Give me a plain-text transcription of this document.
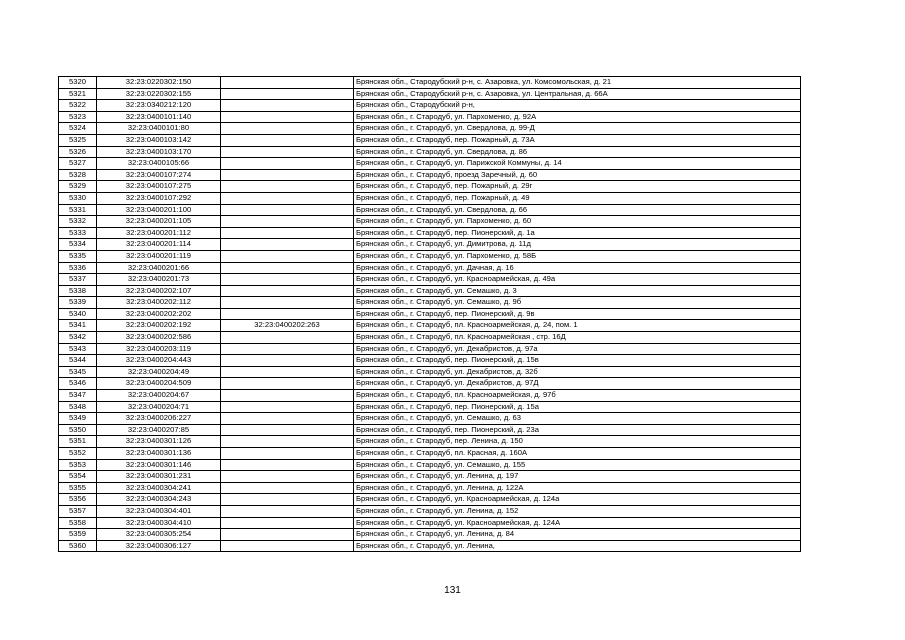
5320	32:23:0220302:150		Брянская обл., Стародубский р-н, с. Азаровка, ул. Комсомольская, д. 21
5321	32:23:0220302:155		Брянская обл., Стародубский р-н, с. Азаровка, ул. Центральная, д. 66А
5322	32:23:0340212:120		Брянская обл., Стародубский р-н,
5323	32:23:0400101:140		Брянская обл., г. Стародуб, ул. Пархоменко, д. 92А
5324	32:23:0400101:80		Брянская обл., г. Стародуб, ул. Свердлова, д. 99-Д
5325	32:23:0400103:142		Брянская обл., г. Стародуб, пер. Пожарный, д. 73А
5326	32:23:0400103:170		Брянская обл., г. Стародуб, ул. Свердлова, д. 86
5327	32:23:0400105:66		Брянская обл., г. Стародуб, ул. Парижской Коммуны, д. 14
5328	32:23:0400107:274		Брянская обл., г. Стародуб, проезд Заречный, д. 60
5329	32:23:0400107:275		Брянская обл., г. Стародуб, пер. Пожарный, д. 29г
5330	32:23:0400107:292		Брянская обл., г. Стародуб, пер. Пожарный, д. 49
5331	32:23:0400201:100		Брянская обл., г. Стародуб, ул. Свердлова, д. 66
5332	32:23:0400201:105		Брянская обл., г. Стародуб, ул. Пархоменко, д. 60
5333	32:23:0400201:112		Брянская обл., г. Стародуб, пер. Пионерский, д. 1а
5334	32:23:0400201:114		Брянская обл., г. Стародуб, ул. Димитрова, д. 11д
5335	32:23:0400201:119		Брянская обл., г. Стародуб, ул. Пархоменко, д. 58Б
5336	32:23:0400201:66		Брянская обл., г. Стародуб, ул. Дачная, д. 16
5337	32:23:0400201:73		Брянская обл., г. Стародуб, ул. Красноармейская, д. 49а
5338	32:23:0400202:107		Брянская обл., г. Стародуб, ул. Семашко, д. 3
5339	32:23:0400202:112		Брянская обл., г. Стародуб, ул. Семашко, д. 9б
5340	32:23:0400202:202		Брянская обл., г. Стародуб, пер. Пионерский, д. 9в
5341	32:23:0400202:192	32:23:0400202:263	Брянская обл., г. Стародуб, пл. Красноармейская, д. 24, пом. 1
5342	32:23:0400202:586		Брянская обл., г. Стародуб, пл. Красноармейская , стр. 16Д
5343	32:23:0400203:119		Брянская обл., г. Стародуб, ул. Декабристов, д. 97а
5344	32:23:0400204:443		Брянская обл., г. Стародуб, пер. Пионерский, д. 15в
5345	32:23:0400204:49		Брянская обл., г. Стародуб, ул. Декабристов, д. 32б
5346	32:23:0400204:509		Брянская обл., г. Стародуб, ул. Декабристов, д. 97Д
5347	32:23:0400204:67		Брянская обл., г. Стародуб, пл. Красноармейская, д. 97б
5348	32:23:0400204:71		Брянская обл., г. Стародуб, пер. Пионерский, д. 15а
5349	32:23:0400206:227		Брянская обл., г. Стародуб, ул. Семашко, д. 63
5350	32:23:0400207:85		Брянская обл., г. Стародуб, пер. Пионерский, д. 23а
5351	32:23:0400301:126		Брянская обл., г. Стародуб, пер. Ленина, д. 150
5352	32:23:0400301:136		Брянская обл., г. Стародуб, пл. Красная, д. 160А
5353	32:23:0400301:146		Брянская обл., г. Стародуб, ул. Семашко, д. 155
5354	32:23:0400301:231		Брянская обл., г. Стародуб, ул. Ленина, д. 197
5355	32:23:0400304:241		Брянская обл., г. Стародуб, ул. Ленина, д. 122А
5356	32:23:0400304:243		Брянская обл., г. Стародуб, ул. Красноармейская, д. 124а
5357	32:23:0400304:401		Брянская обл., г. Стародуб, ул. Ленина, д. 152
5358	32:23:0400304:410		Брянская обл., г. Стародуб, ул. Красноармейская, д. 124А
5359	32:23:0400305:254		Брянская обл., г. Стародуб, ул. Ленина, д. 84
5360	32:23:0400306:127		Брянская обл., г. Стародуб, ул. Ленина,
131
